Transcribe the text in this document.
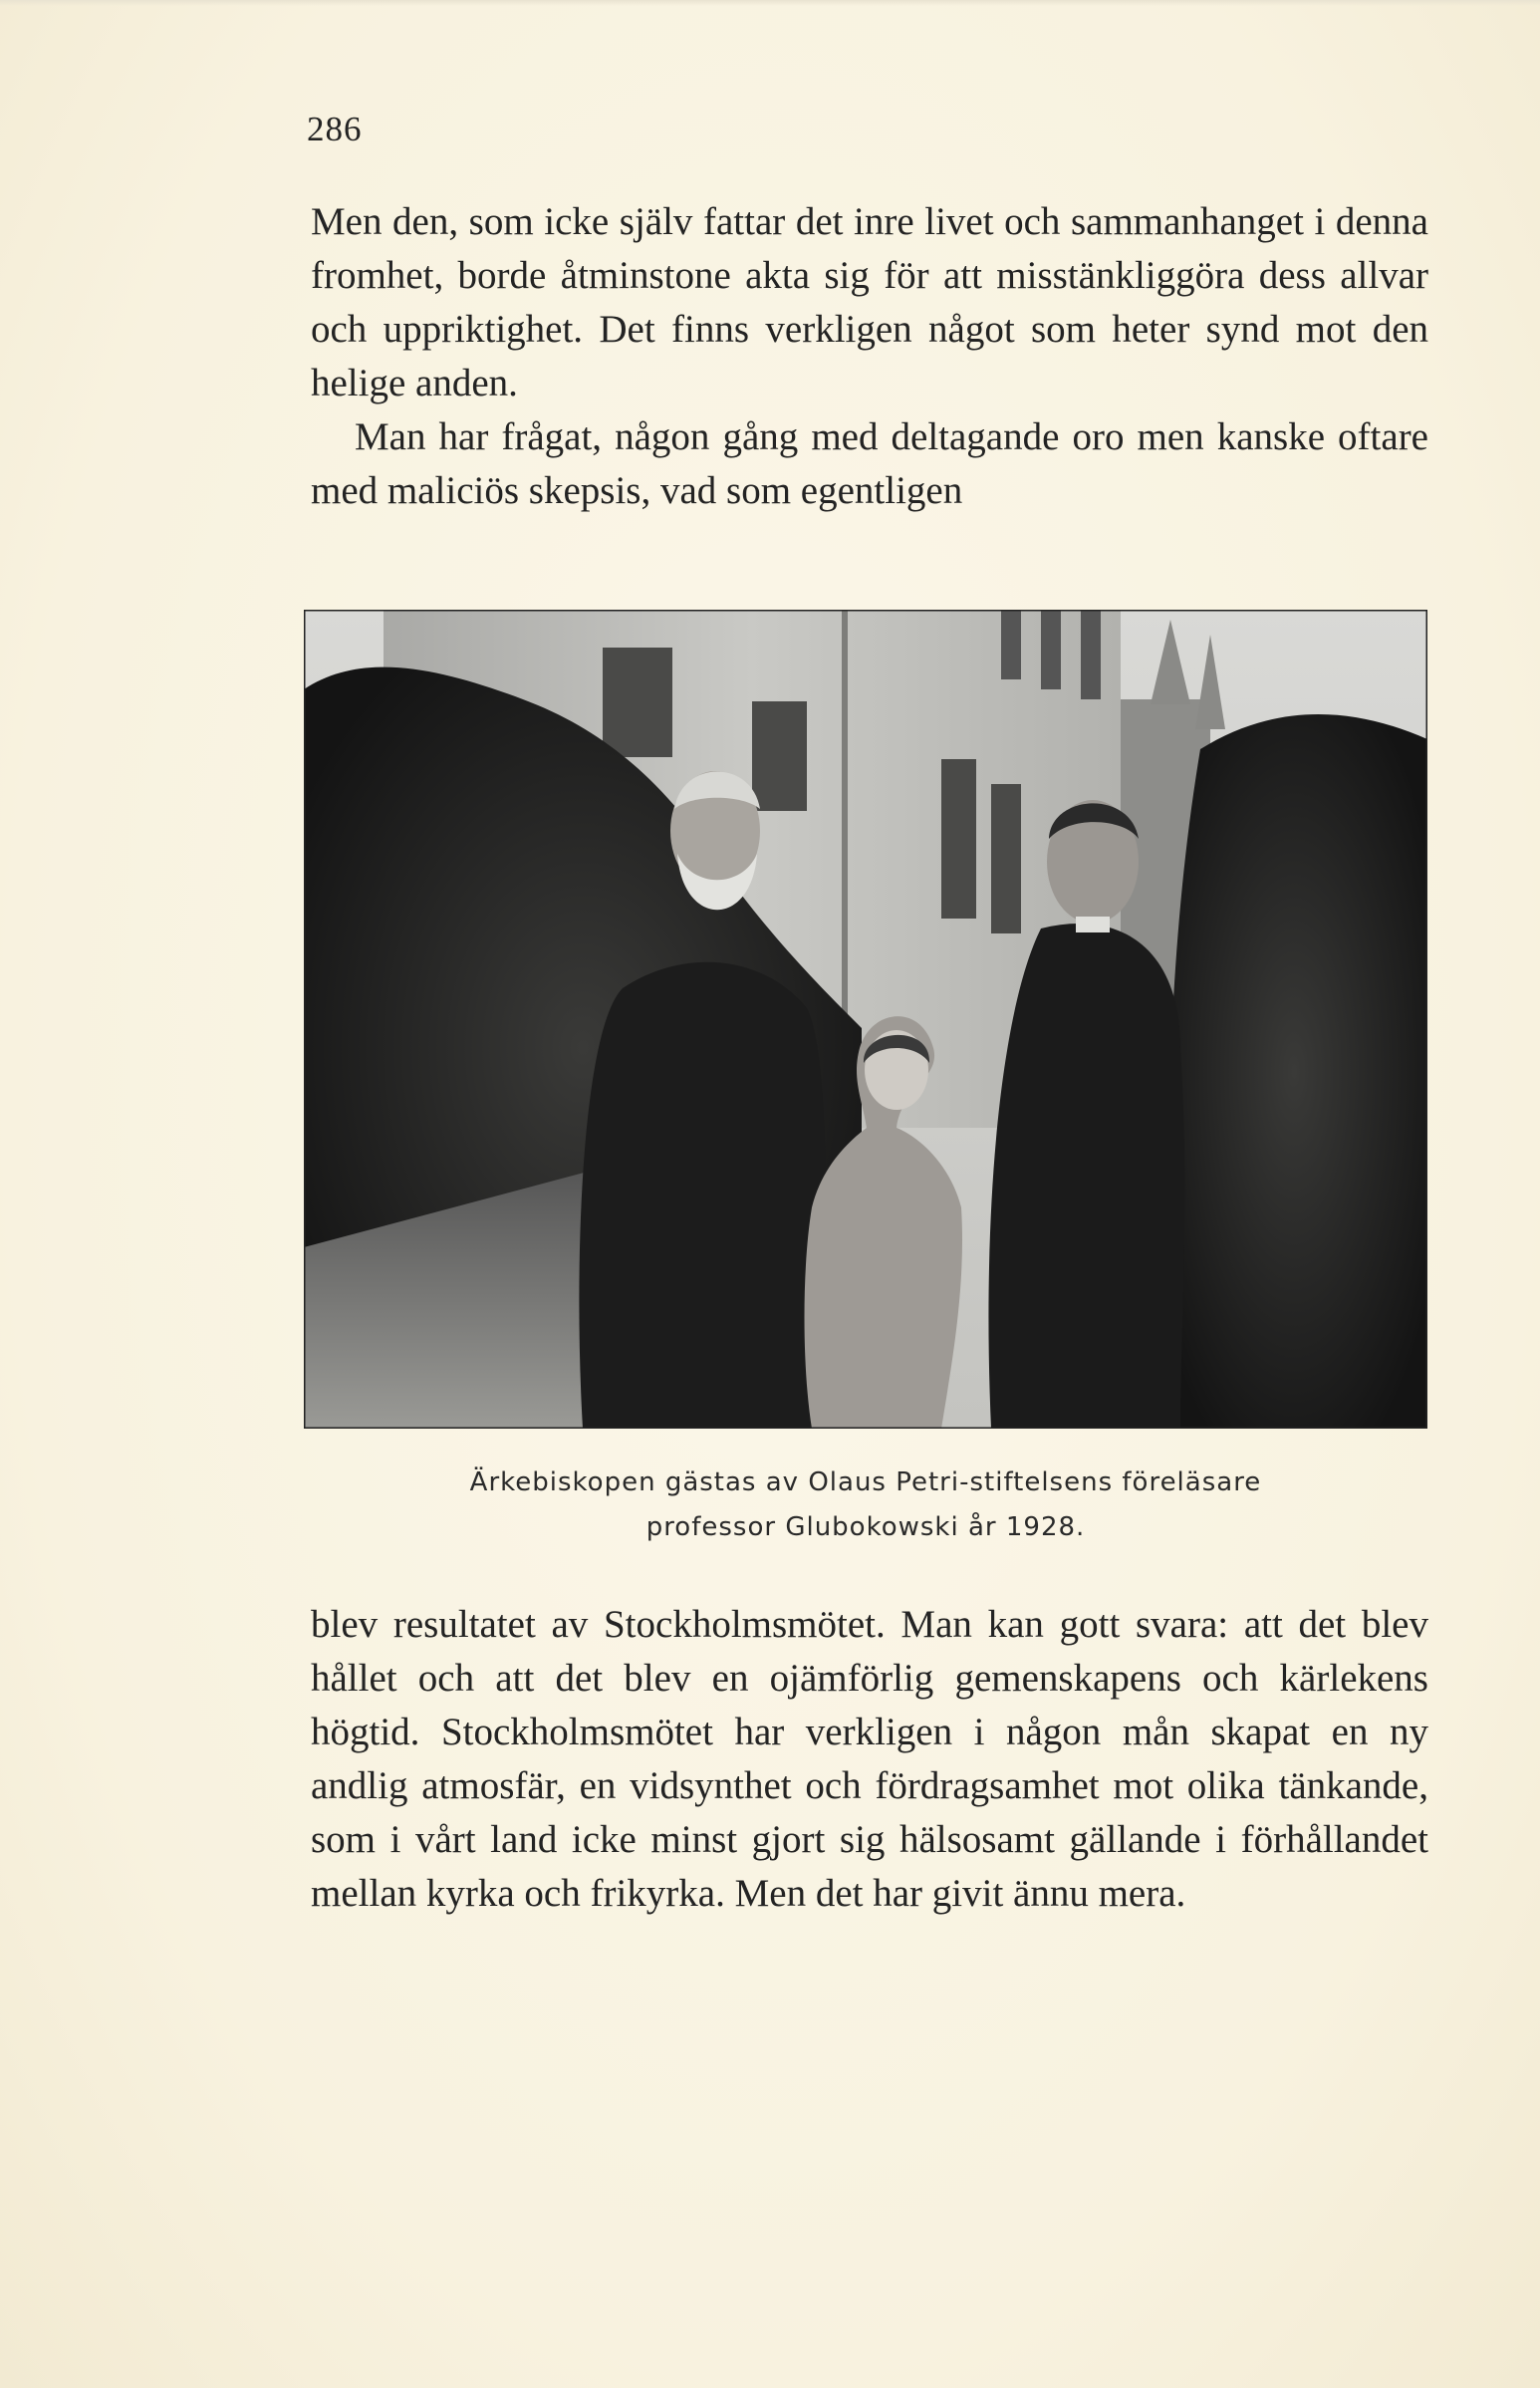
286

Men den, som icke själv fattar det inre livet och sammanhanget i denna fromhet, borde åtminstone akta sig för att misstänkliggöra dess allvar och uppriktighet. Det finns verkligen något som heter synd mot den helige anden.

Man har frågat, någon gång med deltagande oro men kanske oftare med maliciös skepsis, vad som egentligen

Ärkebiskopen gästas av Olaus Petri-stiftelsens föreläsare
professor Glubokowski år 1928.

blev resultatet av Stockholmsmötet. Man kan gott svara: att det blev hållet och att det blev en ojämförlig gemenskapens och kärlekens högtid. Stockholmsmötet har verkligen i någon mån skapat en ny andlig atmosfär, en vidsynthet och fördragsamhet mot olika tänkande, som i vårt land icke minst gjort sig hälsosamt gällande i förhållandet mellan kyrka och frikyrka. Men det har givit ännu mera.
